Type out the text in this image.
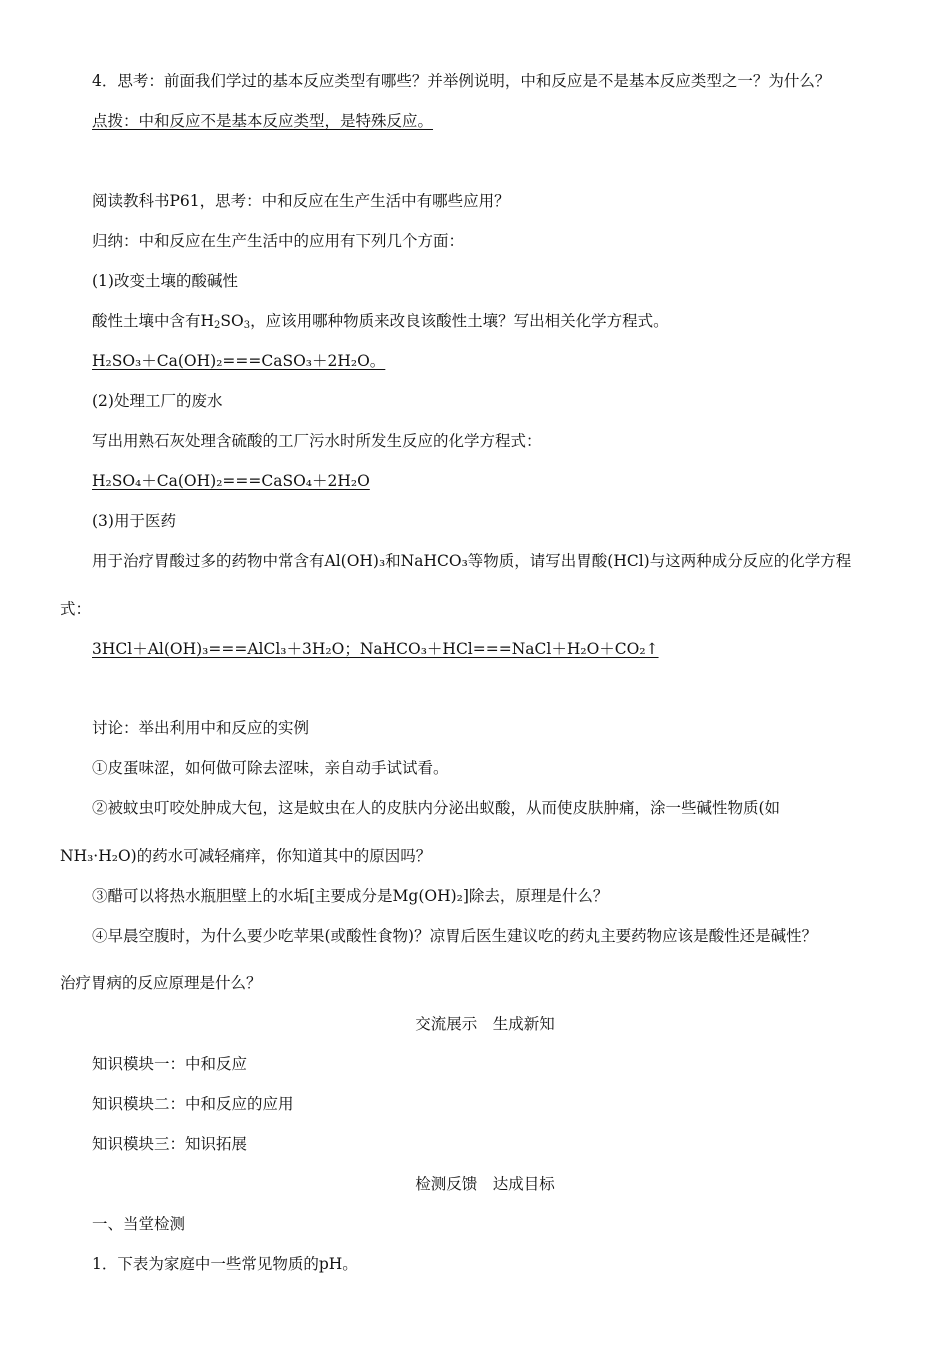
4．思考：前面我们学过的基本反应类型有哪些？并举例说明，中和反应是不是基本反应类型之一？为什么？
点拨：中和反应不是基本反应类型，是特殊反应。
阅读教科书P61，思考：中和反应在生产生活中有哪些应用？
归纳：中和反应在生产生活中的应用有下列几个方面：
(1)改变土壤的酸碱性
酸性土壤中含有$H_2SO_3$，应该用哪种物质来改良该酸性土壤？写出相关化学方程式。
H₂SO₃＋Ca(OH)₂===CaSO₃＋2H₂O。
(2)处理工厂的废水
写出用熟石灰处理含硫酸的工厂污水时所发生反应的化学方程式：
H₂SO₄＋Ca(OH)₂===CaSO₄＋2H₂O
(3)用于医药
用于治疗胃酸过多的药物中常含有Al(OH)₃和NaHCO₃等物质，请写出胃酸(HCl)与这两种成分反应的化学方程
式：
3HCl＋Al(OH)₃===AlCl₃＋3H₂O；NaHCO₃＋HCl===NaCl＋H₂O＋CO₂↑
讨论：举出利用中和反应的实例
①皮蛋味涩，如何做可除去涩味，亲自动手试试看。
②被蚊虫叮咬处肿成大包，这是蚊虫在人的皮肤内分泌出蚁酸，从而使皮肤肿痛，涂一些碱性物质(如
NH₃·H₂O)的药水可减轻痛痒，你知道其中的原因吗？
③醋可以将热水瓶胆壁上的水垢[主要成分是Mg(OH)₂]除去，原理是什么？
④早晨空腹时，为什么要少吃苹果(或酸性食物)？凉胃后医生建议吃的药丸主要药物应该是酸性还是碱性？
治疗胃病的反应原理是什么？
交流展示　生成新知
知识模块一：中和反应
知识模块二：中和反应的应用
知识模块三：知识拓展
检测反馈　达成目标
一、当堂检测
1．下表为家庭中一些常见物质的pH。
